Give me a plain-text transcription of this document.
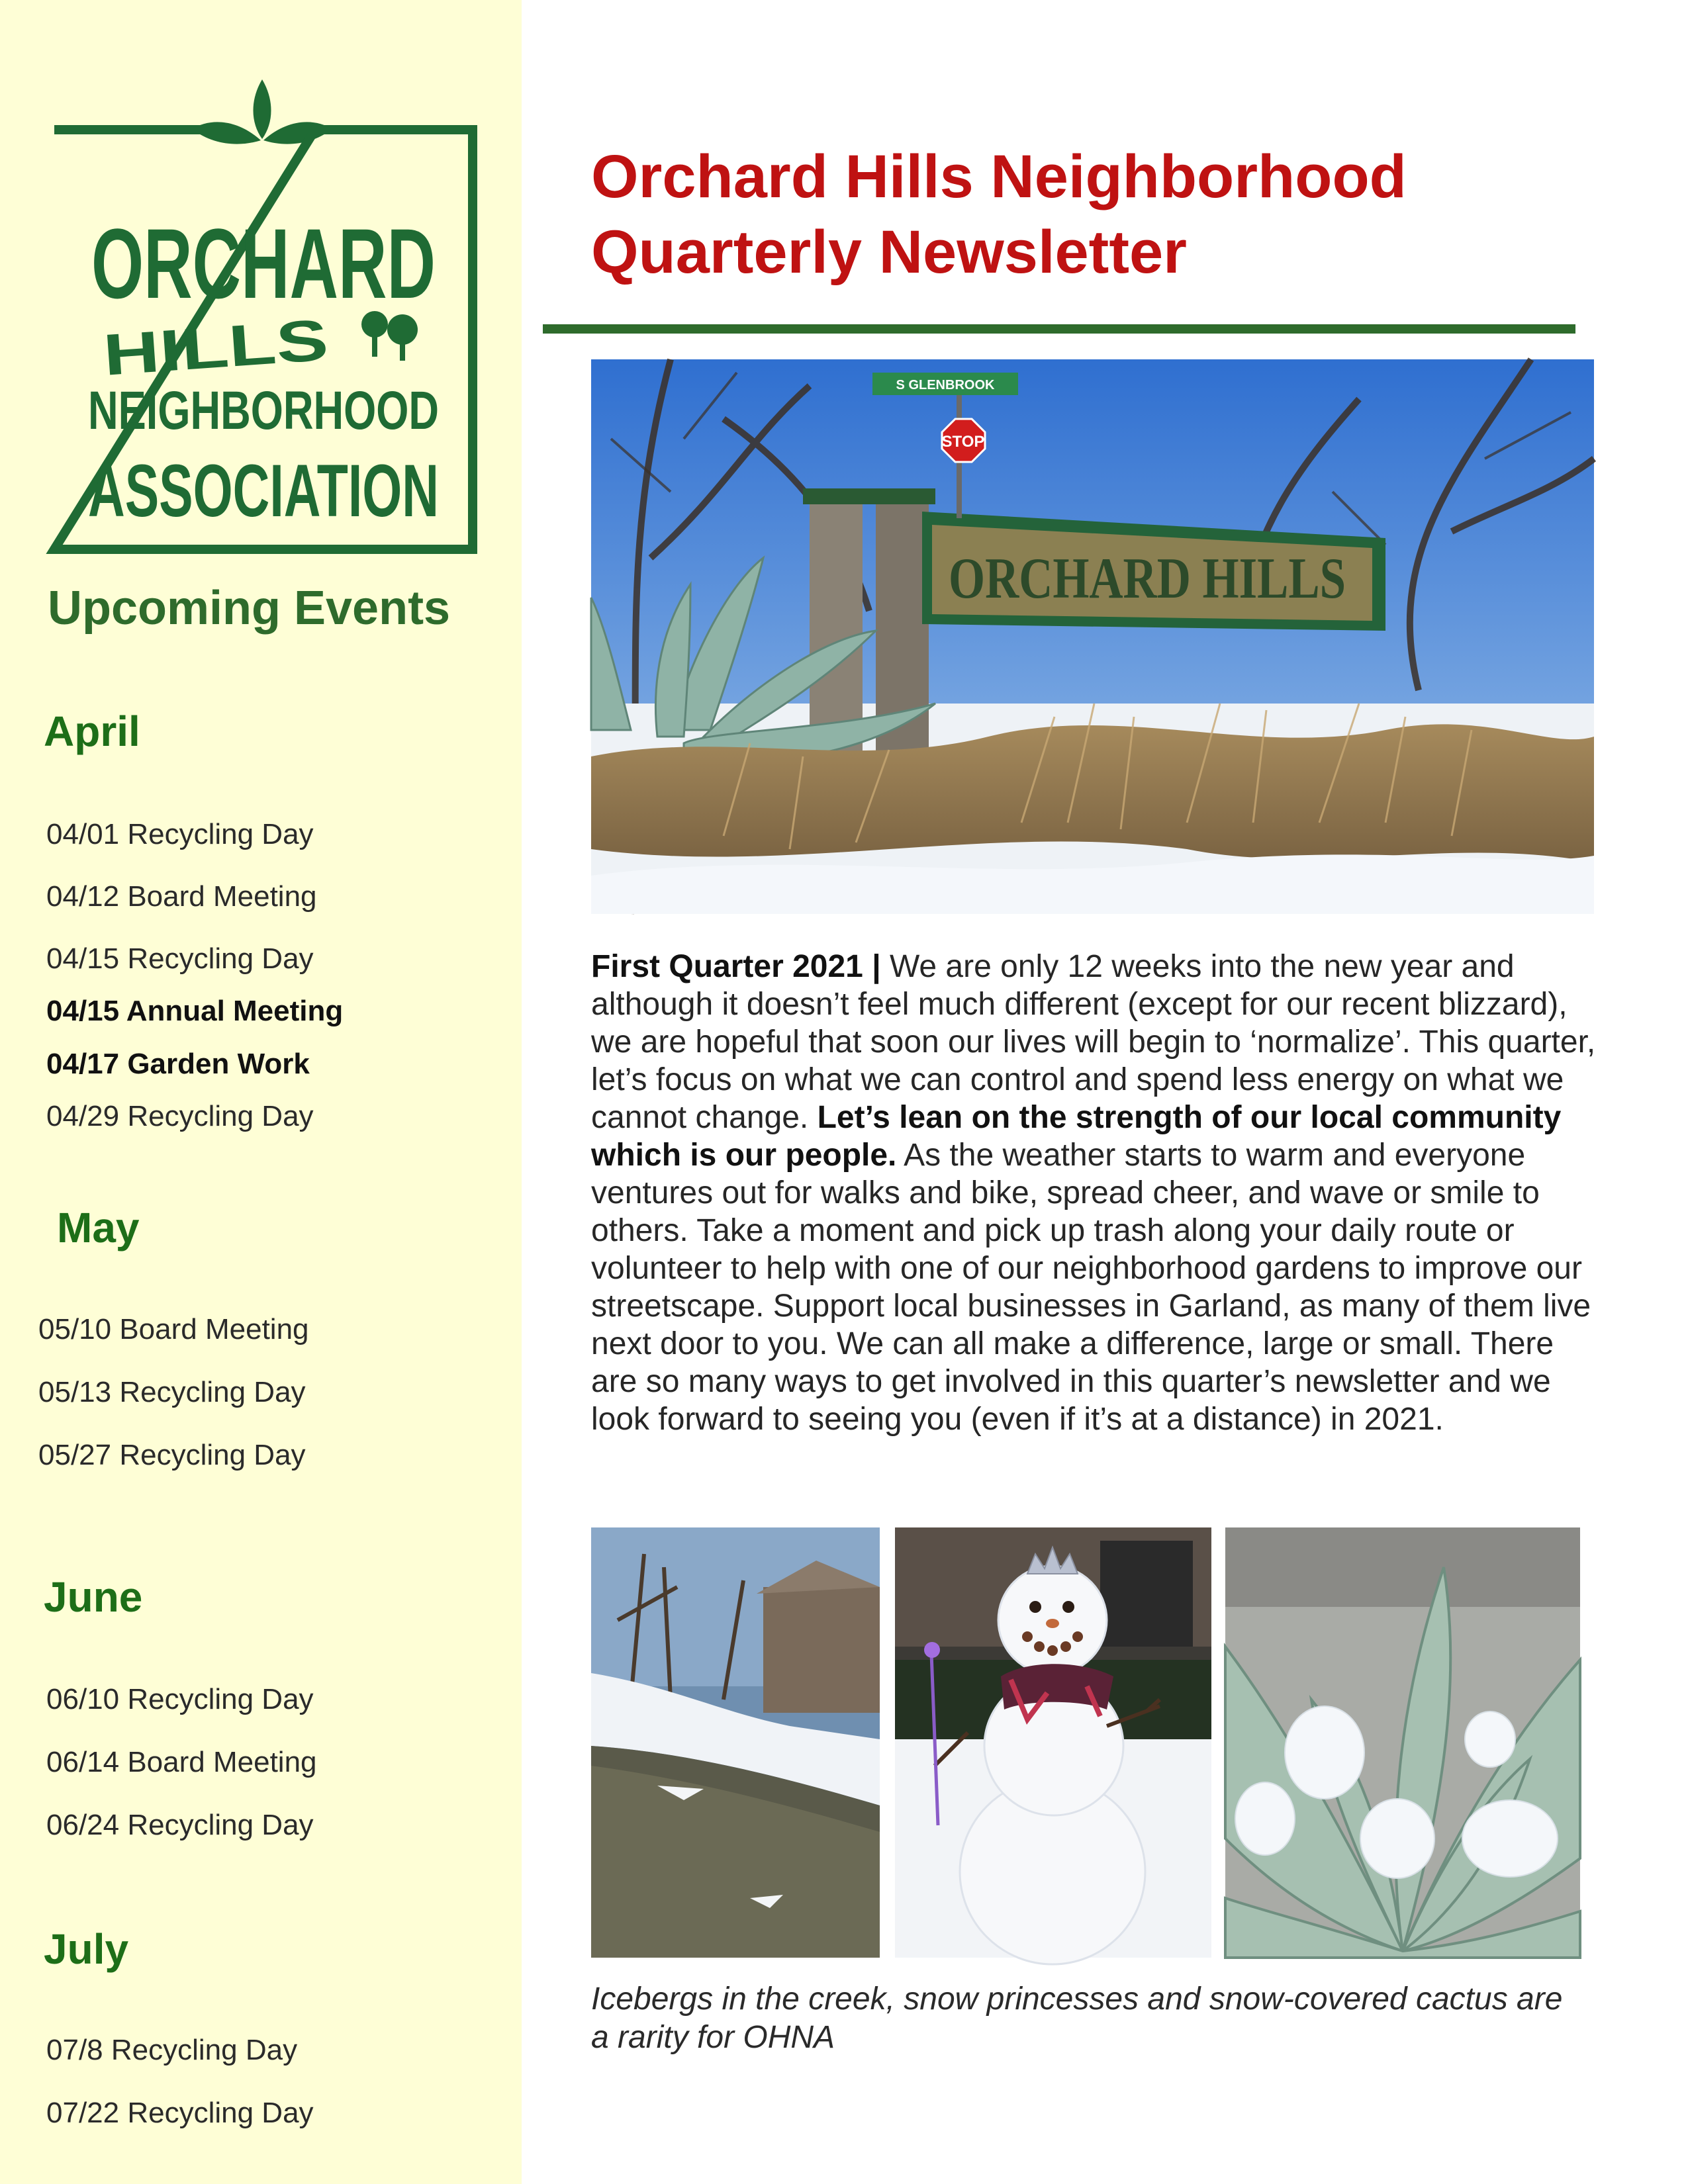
ORCHARD
HILLS
NEIGHBORHOOD
ASSOCIATION
Upcoming Events
April
04/01 Recycling Day
04/12 Board Meeting
04/15 Recycling Day
04/15 Annual Meeting
04/17 Garden Work
04/29 Recycling Day
May
05/10 Board Meeting
05/13 Recycling Day
05/27 Recycling Day
June
06/10 Recycling Day
06/14 Board Meeting
06/24 Recycling Day
July
07/8 Recycling Day
07/22 Recycling Day
Orchard Hills Neighborhood
Quarterly Newsletter
ORCHARD HILLS
STOP
S GLENBROOK

First Quarter 2021 | We are only 12 weeks into the new year and although it doesn’t feel much different (except for our recent blizzard), we are hopeful that soon our lives will begin to ‘normalize’. This quarter, let’s focus on what we can control and spend less energy on what we cannot change. Let’s lean on the strength of our local community which is our people. As the weather starts to warm and everyone ventures out for walks and bike, spread cheer, and wave or smile to others. Take a moment and pick up trash along your daily route or volunteer to help with one of our neighborhood gardens to improve our streetscape. Support local businesses in Garland, as many of them live next door to you. We can all make a difference, large or small. There are so many ways to get involved in this quarter’s newsletter and we look forward to seeing you (even if it’s at a distance) in 2021.

Icebergs in the creek, snow princesses and snow-covered cactus are a rarity for OHNA
